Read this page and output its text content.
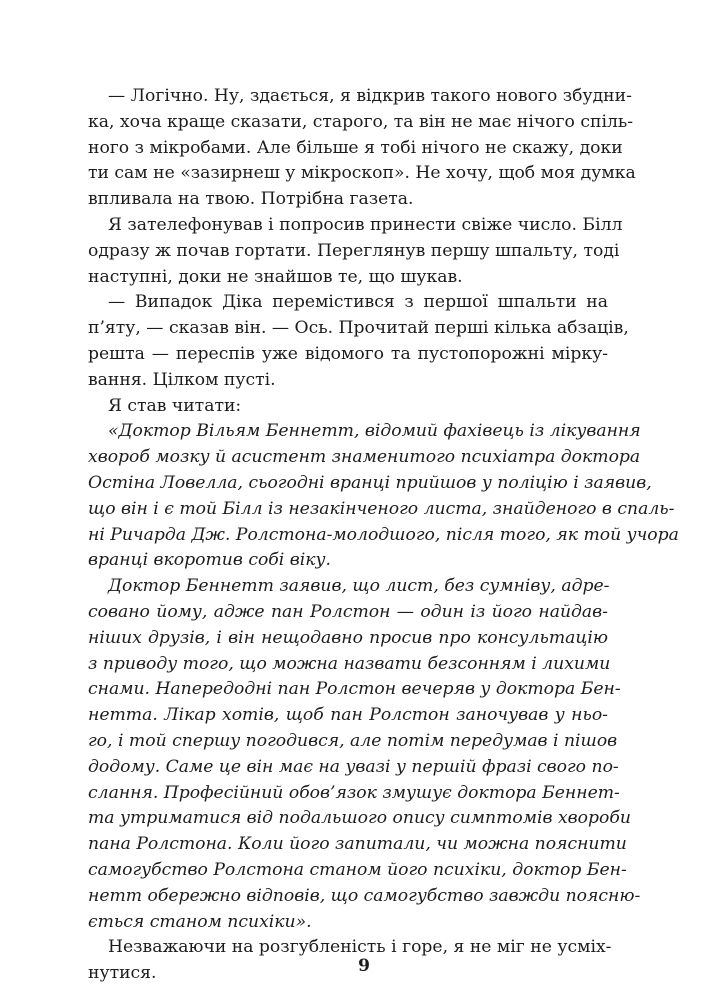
— Логічно. Ну, здається, я відкрив такого нового збудни-
ка, хоча краще сказати, старого, та він не має нічого спіль-
ного з мікробами. Але більше я тобі нічого не скажу, доки
ти сам не «зазирнеш у мікроскоп». Не хочу, щоб моя думка
впливала на твою. Потрібна газета.
Я зателефонував і попросив принести свіже число. Білл
одразу ж почав гортати. Переглянув першу шпальту, тоді
наступні, доки не знайшов те, що шукав.
— Випадок Діка перемістився з першої шпальти на
п’яту, — сказав він. — Ось. Прочитай перші кілька абзаців,
решта — переспів уже відомого та пустопорожні мірку-
вання. Цілком пусті.
Я став читати:
«Доктор Вільям Беннетт, відомий фахівець із лікування
хвороб мозку й асистент знаменитого психіатра доктора
Остіна Ловелла, сьогодні вранці прийшов у поліцію і заявив,
що він і є той Білл із незакінченого листа, знайденого в спаль-
ні Ричарда Дж. Ролстона-молодшого, після того, як той учора
вранці вкоротив собі віку.
Доктор Беннетт заявив, що лист, без сумніву, адре-
совано йому, адже пан Ролстон — один із його найдав-
ніших друзів, і він нещодавно просив про консультацію
з приводу того, що можна назвати безсонням і лихими
снами. Напередодні пан Ролстон вечеряв у доктора Бен-
нетта. Лікар хотів, щоб пан Ролстон заночував у ньо-
го, і той спершу погодився, але потім передумав і пішов
додому. Саме це він має на увазі у першій фразі свого по-
слання. Професійний обов’язок змушує доктора Беннет-
та утриматися від подальшого опису симптомів хвороби
пана Ролстона. Коли його запитали, чи можна пояснити
самогубство Ролстона станом його психіки, доктор Бен-
нетт обережно відповів, що самогубство завжди поясню-
ється станом психіки».
Незважаючи на розгубленість і горе, я не міг не усміх-
нутися.	9
